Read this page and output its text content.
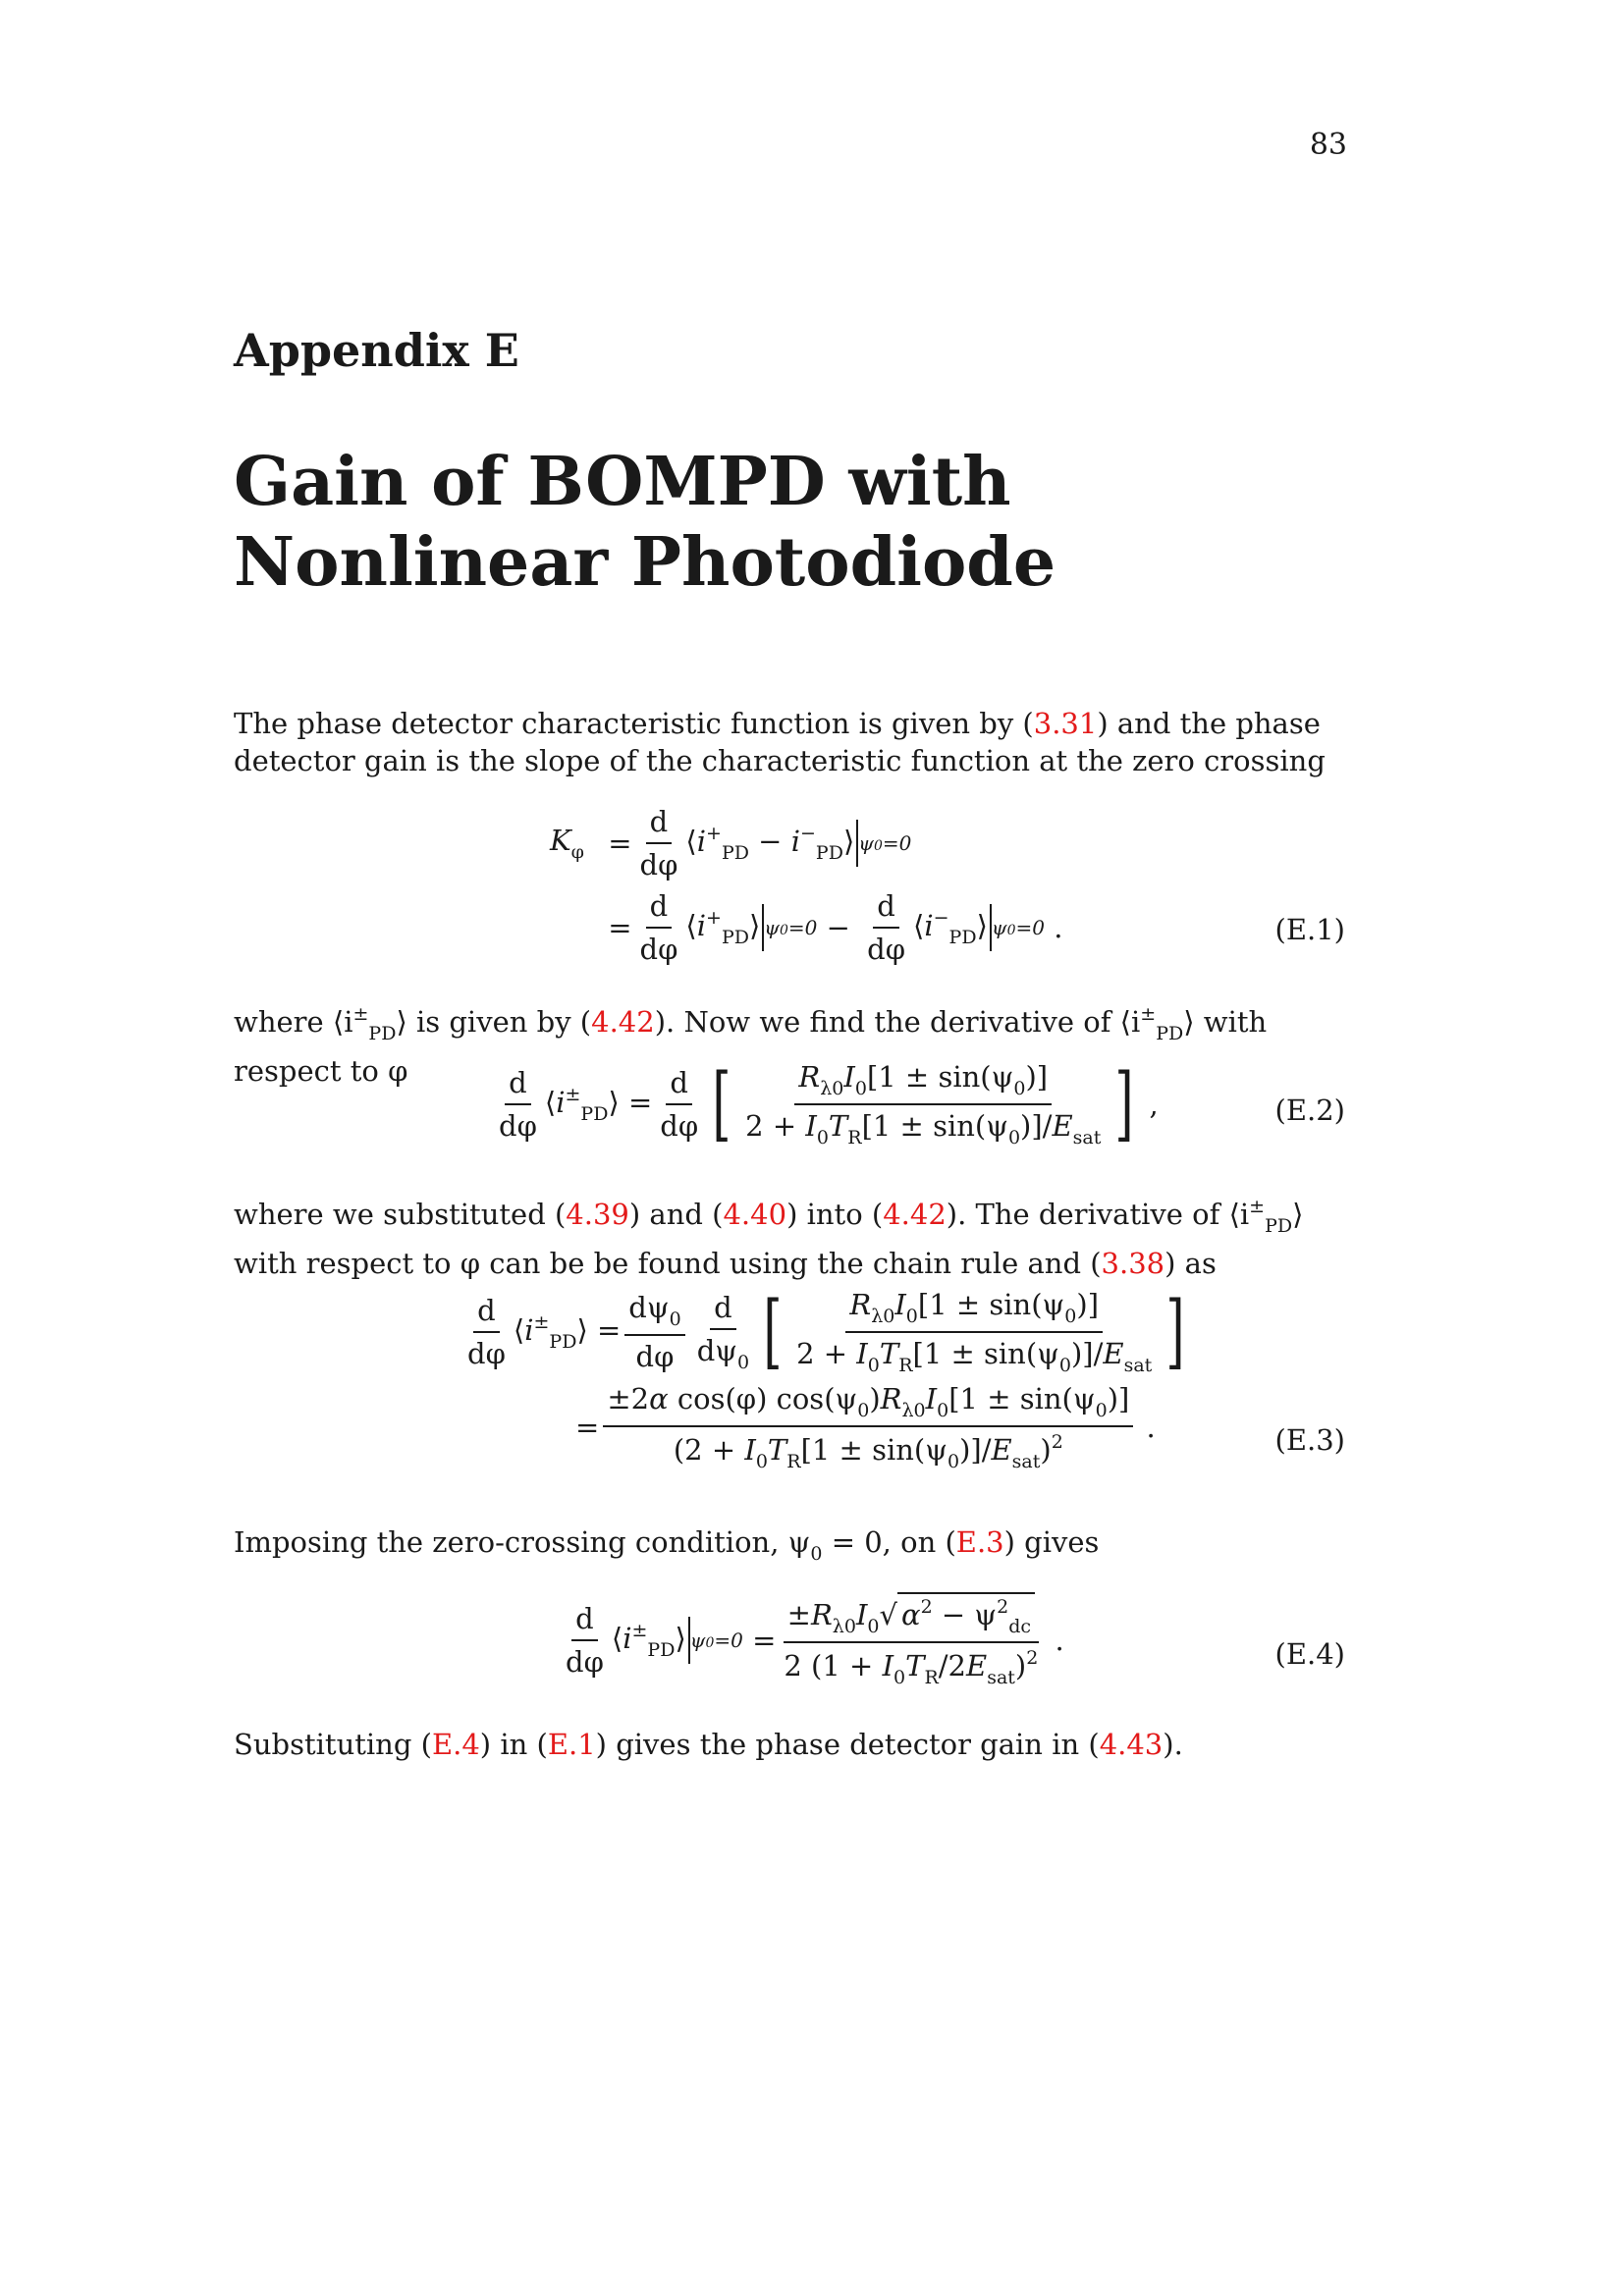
83
Appendix E
Gain of BOMPD with Nonlinear Photodiode

The phase detector characteristic function is given by (3.31) and the phase detector gain is the slope of the characteristic function at the zero crossing

$K_\varphi = \frac{d}{d\varphi}$ $⟨i^+_{PD}$ − $i^-_{PD}⟩$ ψ0=0
= $\frac{d}{d\varphi}$ $⟨i^+_{PD}⟩$ $\psi 0=0 - \frac{d}{d\varphi}$ $⟨i^-_{PD}⟩$ ψ0=0 .	(E.1)

where $⟨i^\pm_{PD}⟩$ is given by (4.42). Now we find the derivative of $⟨i^\pm_{PD}⟩$ with respect to φ	$\frac{d}{d\varphi}$ $⟨i^\pm_{PD}⟩ = \frac{d}{d\varphi}$ [ $\frac{R_{\lambda 0}I_0[1 \pm \sin(\psi_0)]}{2 + I_0T_R[1 \pm \sin(\psi_0)]/E_{sat}}$ ] ,	(E.2)

where we substituted (4.39) and (4.40) into (4.42). The derivative of $⟨i^\pm_{PD}⟩$ with respect to φ can be be found using the chain rule and (3.38) as

$\frac{d}{d\varphi}$ $⟨i^\pm_{PD}⟩ = \frac{d\psi_0}{d\varphi} \frac{d}{d\psi_0}$ [ $\frac{R_{\lambda 0}I_0[1 \pm \sin(\psi_0)]}{2 + I_0T_R[1 \pm \sin(\psi_0)]/E_{sat}}$ ]
= $\frac{\pm 2\alpha \cos(\varphi) \cos(\psi_0)R_{\lambda 0}I_0[1 \pm \sin(\psi_0)]}{(2 + I_0T_R[1 \pm \sin(\psi_0)]/E_{sat})^2}$ .	(E.3)

Imposing the zero-crossing condition, $\psi_0 = 0$, on (E.3) gives

$\frac{d}{d\varphi}$ $⟨i^\pm_{PD}⟩$ $\psi 0=0 = \frac{\pm R_{\lambda 0}I_0√ \alpha^2 - \psi^2_{dc}}{2 (1 + I_0T_R/2E_{sat})^2}$ .	(E.4)

Substituting (E.4) in (E.1) gives the phase detector gain in (4.43).
